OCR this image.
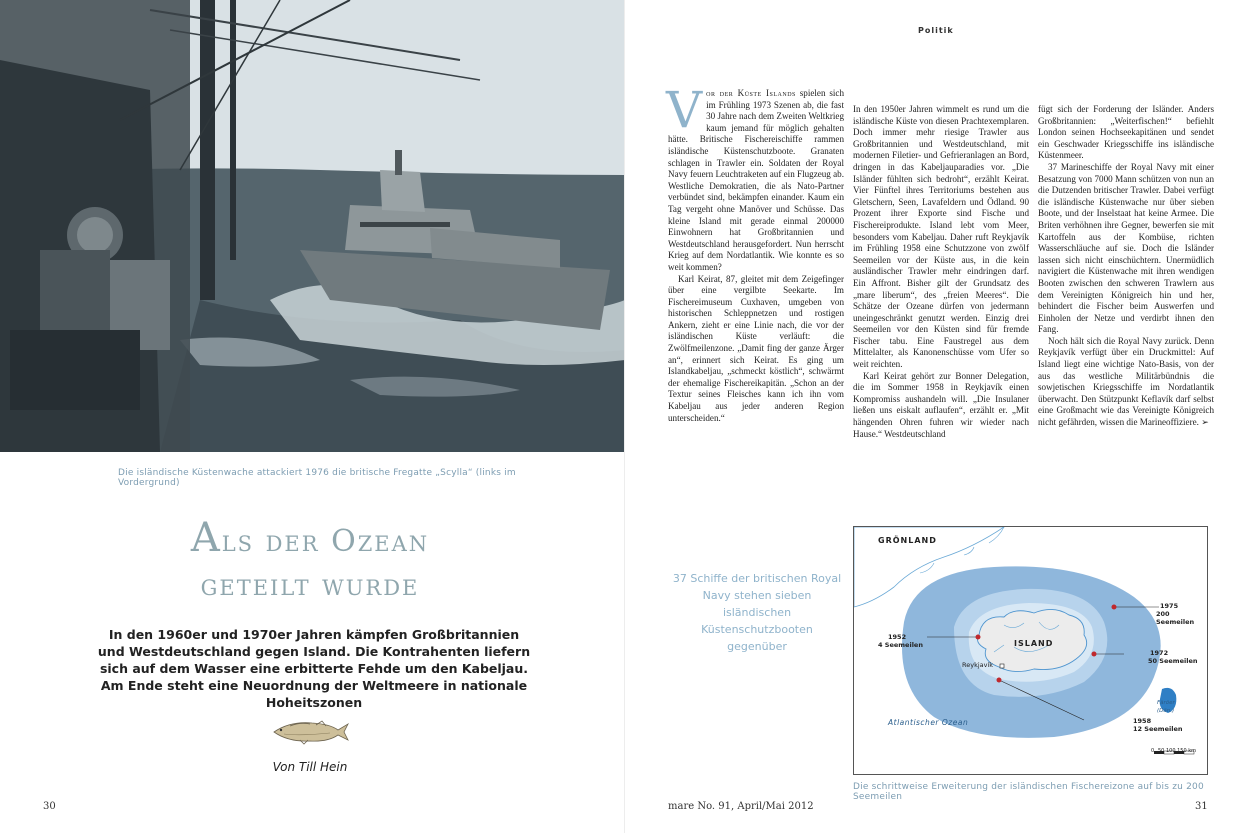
Die isländische Küstenwache attackiert 1976 die britische Fregatte „Scylla“ (links im Vordergrund)
Als der Ozean
geteilt wurde
In den 1960er und 1970er Jahren kämpfen Großbritannien und Westdeutschland gegen Island. Die Kontrahenten liefern sich auf dem Wasser eine erbitterte Fehde um den Kabeljau. Am Ende steht eine Neuordnung der Weltmeere in nationale Hoheitszonen
Von Till Hein
30
Politik

Vor der Küste Islands spielen sich im Frühling 1973 Szenen ab, die fast 30 Jahre nach dem Zweiten Weltkrieg kaum jemand für möglich gehalten hätte. Britische Fischereischiffe rammen isländische Küstenschutzboote. Granaten schlagen in Trawler ein. Soldaten der Royal Navy feuern Leuchtraketen auf ein Flugzeug ab. Westliche Demokratien, die als Nato-Partner verbündet sind, bekämpfen einander. Kaum ein Tag vergeht ohne Manöver und Schüsse. Das kleine Island mit gerade einmal 200000 Einwohnern hat Großbritannien und Westdeutschland herausgefordert. Nun herrscht Krieg auf dem Nordatlantik. Wie konnte es so weit kommen?

Karl Keirat, 87, gleitet mit dem Zeigefinger über eine vergilbte Seekarte. Im Fischereimuseum Cuxhaven, umgeben von historischen Schleppnetzen und rostigen Ankern, zieht er eine Linie nach, die vor der isländischen Küste verläuft: die Zwölfmeilenzone. „Damit fing der ganze Ärger an“, erinnert sich Keirat. Es ging um Islandkabeljau, „schmeckt köstlich“, schwärmt der ehemalige Fischereikapitän. „Schon an der Textur seines Fleisches kann ich ihn vom Kabeljau aus jeder anderen Region unterscheiden.“

In den 1950er Jahren wimmelt es rund um die isländische Küste von diesen Prachtexemplaren. Doch immer mehr riesige Trawler aus Großbritannien und Westdeutschland, mit modernen Filetier- und Gefrieranlagen an Bord, dringen in das Kabeljauparadies vor. „Die Isländer fühlten sich bedroht“, erzählt Keirat. Vier Fünftel ihres Territoriums bestehen aus Gletschern, Seen, Lavafeldern und Ödland. 90 Prozent ihrer Exporte sind Fische und Fischereiprodukte. Island lebt vom Meer, besonders vom Kabeljau. Daher ruft Reykjavík im Frühling 1958 eine Schutzzone von zwölf Seemeilen vor der Küste aus, in die kein ausländischer Trawler mehr eindringen darf. Ein Affront. Bisher gilt der Grundsatz des „mare liberum“, des „freien Meeres“. Die Schätze der Ozeane dürfen von jedermann uneingeschränkt genutzt werden. Einzig drei Seemeilen vor den Küsten sind für fremde Fischer tabu. Eine Faustregel aus dem Mittelalter, als Kanonenschüsse vom Ufer so weit reichten.

Karl Keirat gehört zur Bonner Delegation, die im Sommer 1958 in Reykjavík einen Kompromiss aushandeln will. „Die Insulaner ließen uns eiskalt auflaufen“, erzählt er. „Mit hängenden Ohren fuhren wir wieder nach Hause.“ Westdeutschland

fügt sich der Forderung der Isländer. Anders Großbritannien: „Weiterfischen!“ befiehlt London seinen Hochseekapitänen und sendet ein Geschwader Kriegsschiffe ins isländische Küstenmeer.

37 Marineschiffe der Royal Navy mit einer Besatzung von 7000 Mann schützen von nun an die Dutzenden britischer Trawler. Dabei verfügt die isländische Küstenwache nur über sieben Boote, und der Inselstaat hat keine Armee. Die Briten verhöhnen ihre Gegner, bewerfen sie mit Kartoffeln aus der Kombüse, richten Wasserschläuche auf sie. Doch die Isländer lassen sich nicht einschüchtern. Unermüdlich navigiert die Küstenwache mit ihren wendigen Booten zwischen den schweren Trawlern aus dem Vereinigten Königreich hin und her, behindert die Fischer beim Auswerfen und Einholen der Netze und verdirbt ihnen den Fang.

Noch hält sich die Royal Navy zurück. Denn Reykjavík verfügt über ein Druckmittel: Auf Island liegt eine wichtige Nato-Basis, von der aus das westliche Militärbündnis die sowjetischen Kriegsschiffe im Nordatlantik überwacht. Den Stützpunkt Keflavík darf selbst eine Großmacht wie das Vereinigte Königreich nicht gefährden, wissen die Marineoffiziere. ➢

37 Schiffe der britischen Royal Navy stehen sieben isländischen Küstenschutzbooten gegenüber
GRÖNLAND
ISLAND
Reykjavík
Atlantischer Ozean
Färöer (Dän.)
1952
4 Seemeilen
1958
12 Seemeilen
1972
50 Seemeilen
1975
200 Seemeilen
0 50 100 150 km
Die schrittweise Erweiterung der isländischen Fischereizone auf bis zu 200 Seemeilen
mare No. 91, April/Mai 2012	31
